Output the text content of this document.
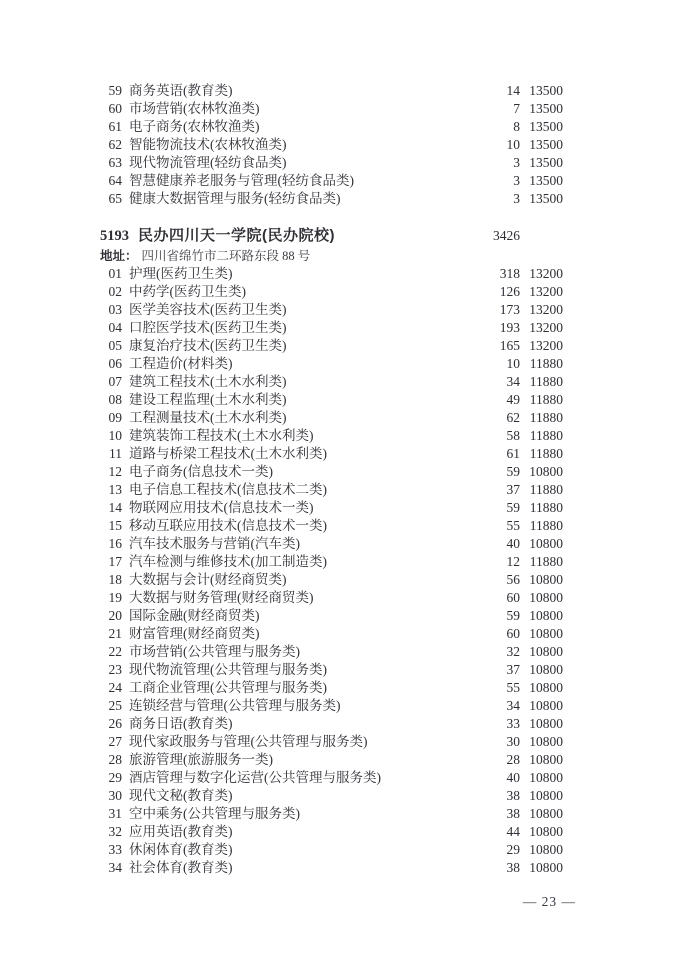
59 商务英语(教育类)	14 13500
60 市场营销(农林牧渔类)	7 13500
61 电子商务(农林牧渔类)	8 13500
62 智能物流技术(农林牧渔类)	10 13500
63 现代物流管理(轻纺食品类)	3 13500
64 智慧健康养老服务与管理(轻纺食品类)	3 13500
65 健康大数据管理与服务(轻纺食品类)	3 13500
5193 民办四川天一学院(民办院校)	3426
地址： 四川省绵竹市二环路东段 88 号
01 护理(医药卫生类)	318 13200
02 中药学(医药卫生类)	126 13200
03 医学美容技术(医药卫生类)	173 13200
04 口腔医学技术(医药卫生类)	193 13200
05 康复治疗技术(医药卫生类)	165 13200
06 工程造价(材料类)	10 11880
07 建筑工程技术(土木水利类)	34 11880
08 建设工程监理(土木水利类)	49 11880
09 工程测量技术(土木水利类)	62 11880
10 建筑装饰工程技术(土木水利类)	58 11880
11 道路与桥梁工程技术(土木水利类)	61 11880
12 电子商务(信息技术一类)	59 10800
13 电子信息工程技术(信息技术二类)	37 11880
14 物联网应用技术(信息技术一类)	59 11880
15 移动互联应用技术(信息技术一类)	55 11880
16 汽车技术服务与营销(汽车类)	40 10800
17 汽车检测与维修技术(加工制造类)	12 11880
18 大数据与会计(财经商贸类)	56 10800
19 大数据与财务管理(财经商贸类)	60 10800
20 国际金融(财经商贸类)	59 10800
21 财富管理(财经商贸类)	60 10800
22 市场营销(公共管理与服务类)	32 10800
23 现代物流管理(公共管理与服务类)	37 10800
24 工商企业管理(公共管理与服务类)	55 10800
25 连锁经营与管理(公共管理与服务类)	34 10800
26 商务日语(教育类)	33 10800
27 现代家政服务与管理(公共管理与服务类)	30 10800
28 旅游管理(旅游服务一类)	28 10800
29 酒店管理与数字化运营(公共管理与服务类)	40 10800
30 现代文秘(教育类)	38 10800
31 空中乘务(公共管理与服务类)	38 10800
32 应用英语(教育类)	44 10800
33 休闲体育(教育类)	29 10800
34 社会体育(教育类)	38 10800
— 23 —
